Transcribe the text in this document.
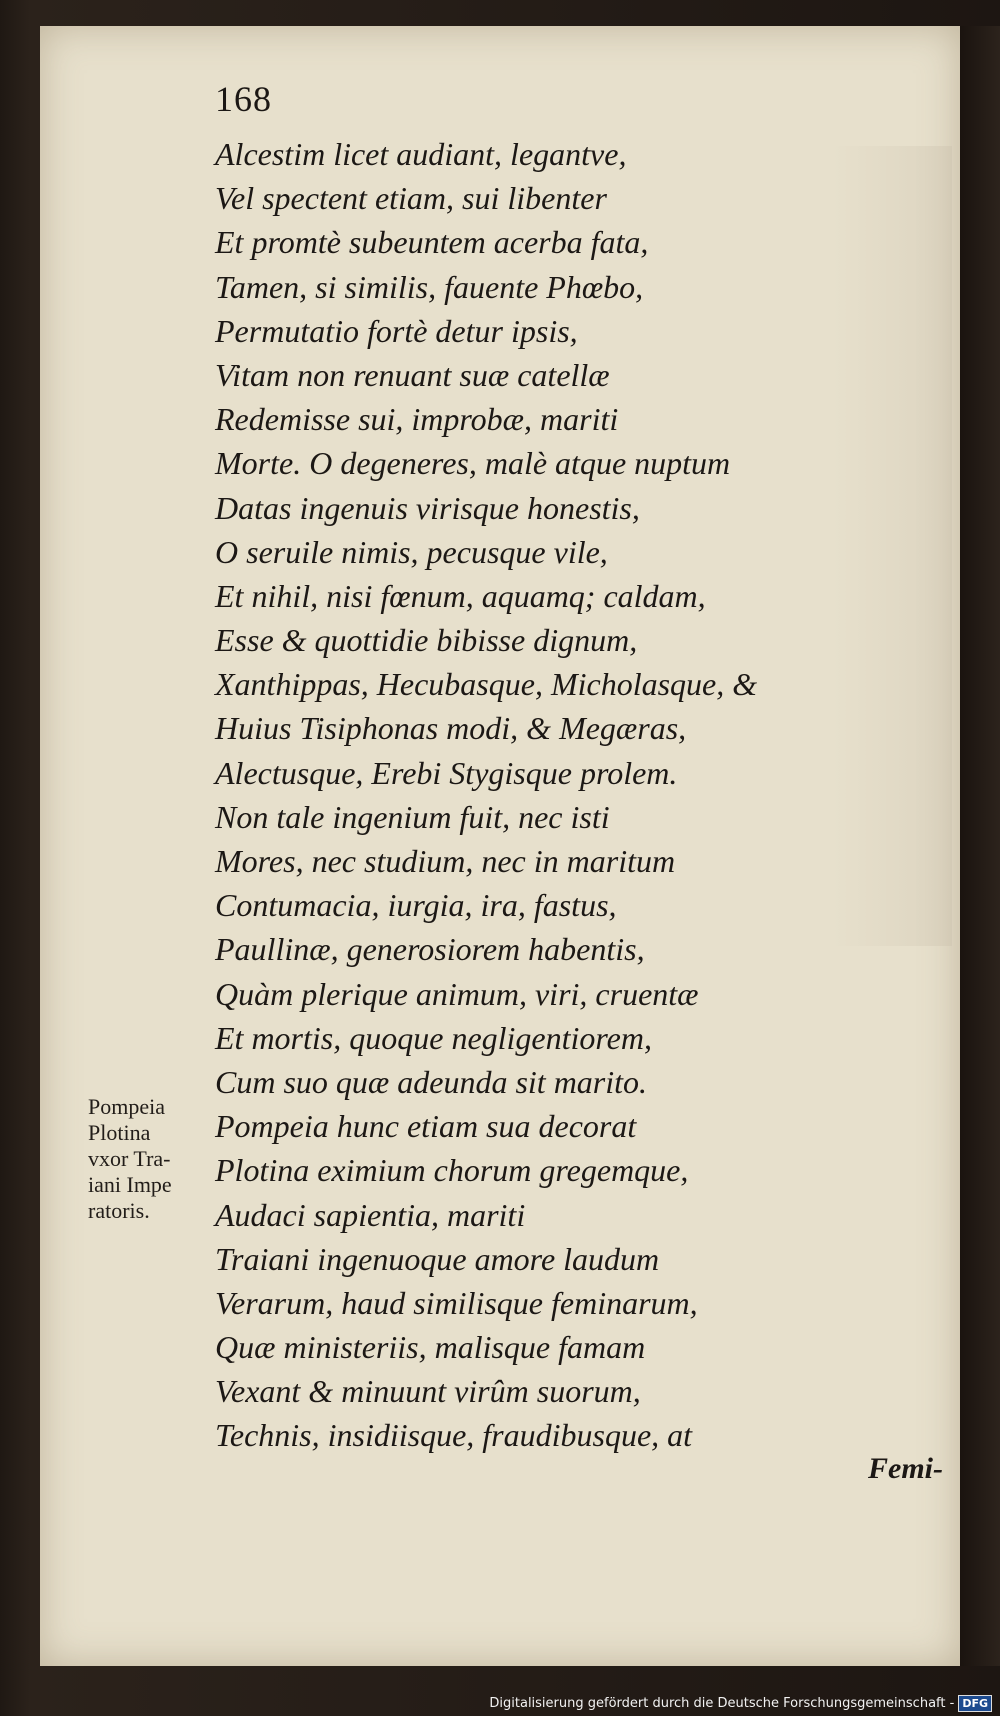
168
Alcestim licet audiant, legantve,
Vel spectent etiam, sui libenter
Et promtè subeuntem acerba fata,
Tamen, si similis, fauente Phœbo,
Permutatio fortè detur ipsis,
Vitam non renuant suæ catellæ
Redemisse sui, improbæ, mariti
Morte. O degeneres, malè atque nuptum
Datas ingenuis virisque honestis,
O seruile nimis, pecusque vile,
Et nihil, nisi fœnum, aquamq; caldam,
Esse & quottidie bibisse dignum,
Xanthippas, Hecubasque, Micholasque, &
Huius Tisiphonas modi, & Megæras,
Alectusque, Erebi Stygisque prolem.
Non tale ingenium fuit, nec isti
Mores, nec studium, nec in maritum
Contumacia, iurgia, ira, fastus,
Paullinæ, generosiorem habentis,
Quàm plerique animum, viri, cruentæ
Et mortis, quoque negligentiorem,
Cum suo quæ adeunda sit marito.
Pompeia hunc etiam sua decorat
Plotina eximium chorum gregemque,
Audaci sapientia, mariti
Traiani ingenuoque amore laudum
Verarum, haud similisque feminarum,
Quæ ministeriis, malisque famam
Vexant & minuunt virûm suorum,
Technis, insidiisque, fraudibusque, at
Pompeia
Plotina
vxor Tra-
iani Impe
ratoris.
Femi-
Digitalisierung gefördert durch die Deutsche Forschungsgemeinschaft - DFG
